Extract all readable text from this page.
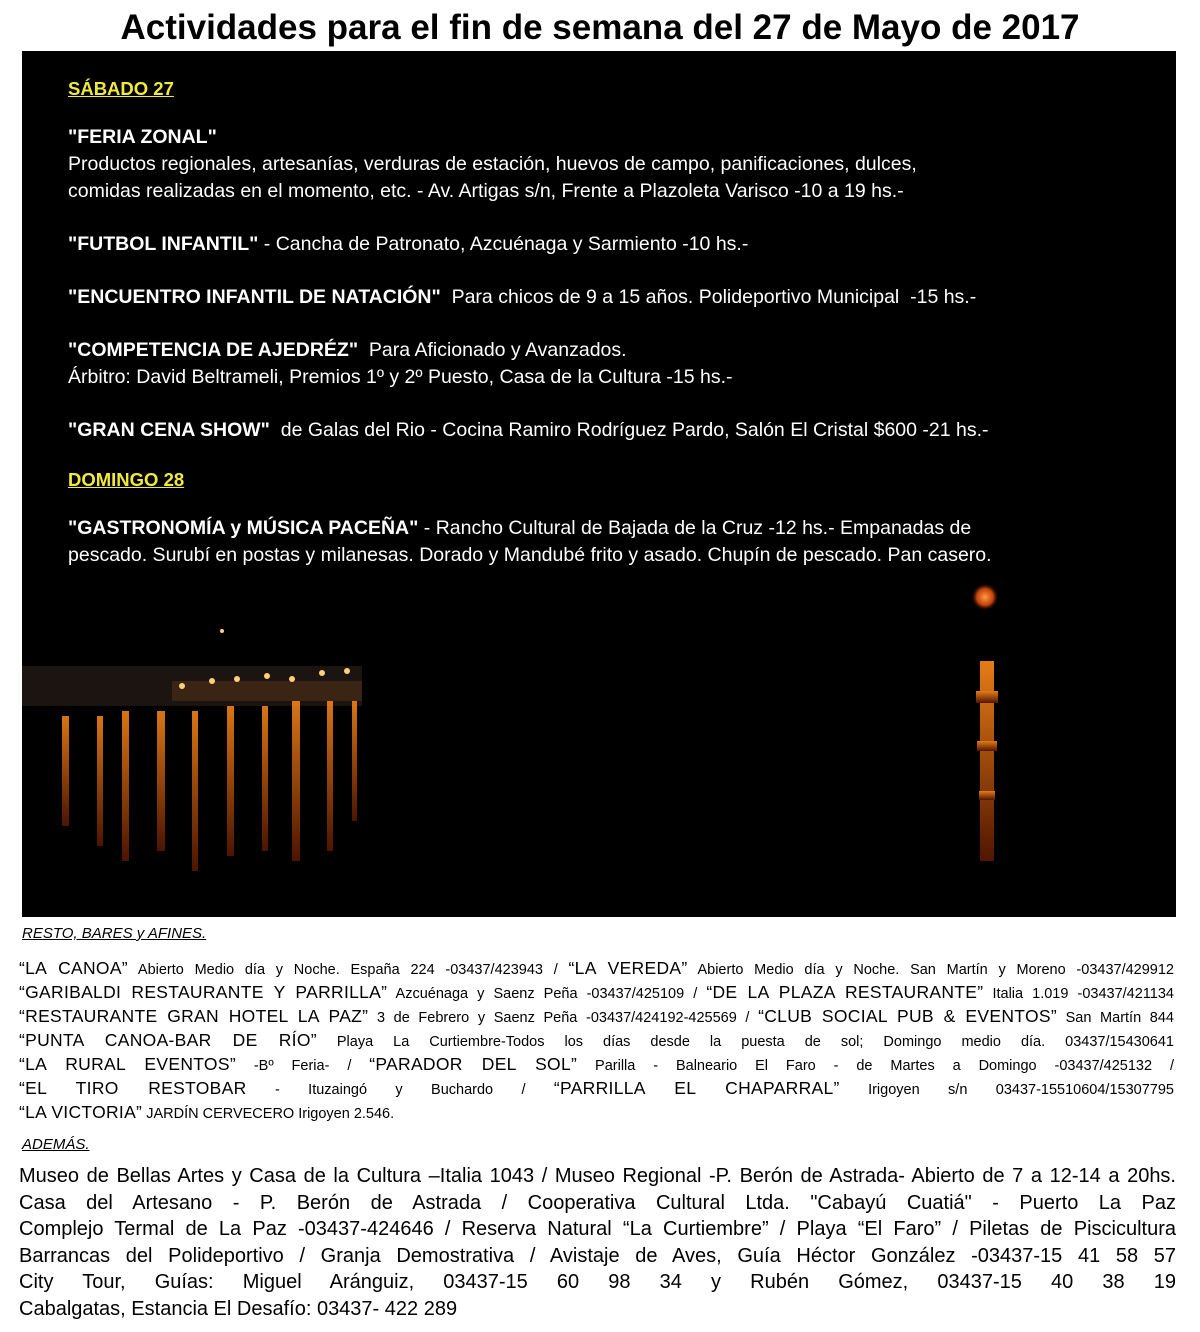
Actividades para el fin de semana del 27 de Mayo de 2017
SÁBADO 27

"FERIA ZONAL"
Productos regionales, artesanías, verduras de estación, huevos de campo, panificaciones, dulces,
comidas realizadas en el momento, etc. - Av. Artigas s/n, Frente a Plazoleta Varisco -10 a 19 hs.-

"FUTBOL INFANTIL" - Cancha de Patronato, Azcuénaga y Sarmiento -10 hs.-

"ENCUENTRO INFANTIL DE NATACIÓN"  Para chicos de 9 a 15 años. Polideportivo Municipal  -15 hs.-

"COMPETENCIA DE AJEDRÉZ"  Para Aficionado y Avanzados.
Árbitro: David Beltrameli, Premios 1º y 2º Puesto, Casa de la Cultura -15 hs.-

"GRAN CENA SHOW"  de Galas del Rio - Cocina Ramiro Rodríguez Pardo, Salón El Cristal $600 -21 hs.-

DOMINGO 28

"GASTRONOMÍA y MÚSICA PACEÑA" - Rancho Cultural de Bajada de la Cruz -12 hs.- Empanadas de
pescado. Surubí en postas y milanesas. Dorado y Mandubé frito y asado. Chupín de pescado. Pan casero.

RESTO, BARES y AFINES.

“LA CANOA” Abierto Medio día y Noche. España 224 -03437/423943 / “LA VEREDA” Abierto Medio día y Noche. San Martín y Moreno -03437/429912
“GARIBALDI RESTAURANTE Y PARRILLA” Azcuénaga y Saenz Peña -03437/425109 / “DE LA PLAZA RESTAURANTE” Italia 1.019 -03437/421134
“RESTAURANTE GRAN HOTEL LA PAZ” 3 de Febrero y Saenz Peña -03437/424192-425569 / “CLUB SOCIAL PUB & EVENTOS” San Martín 844
“PUNTA CANOA-BAR DE RÍO” Playa La Curtiembre-Todos los días desde la puesta de sol; Domingo medio día. 03437/15430641
“LA RURAL EVENTOS” -Bº Feria- / “PARADOR DEL SOL” Parilla - Balneario El Faro - de Martes a Domingo -03437/425132 /
“EL TIRO RESTOBAR - Ituzaingó y Buchardo / “PARRILLA EL CHAPARRAL” Irigoyen s/n 03437-15510604/15307795
“LA VICTORIA” JARDÍN CERVECERO Irigoyen 2.546.

ADEMÁS.

Museo de Bellas Artes y Casa de la Cultura –Italia 1043 / Museo Regional -P. Berón de Astrada- Abierto de 7 a 12-14 a 20hs.
Casa del Artesano - P. Berón de Astrada / Cooperativa Cultural Ltda. "Cabayú Cuatiá" - Puerto La Paz
Complejo Termal de La Paz -03437-424646 / Reserva Natural “La Curtiembre” / Playa “El Faro” / Piletas de Piscicultura
Barrancas del Polideportivo / Granja Demostrativa / Avistaje de Aves, Guía Héctor González -03437-15 41 58 57
City Tour, Guías: Miguel Aránguiz, 03437-15 60 98 34 y Rubén Gómez, 03437-15 40 38 19
Cabalgatas, Estancia El Desafío: 03437- 422 289
